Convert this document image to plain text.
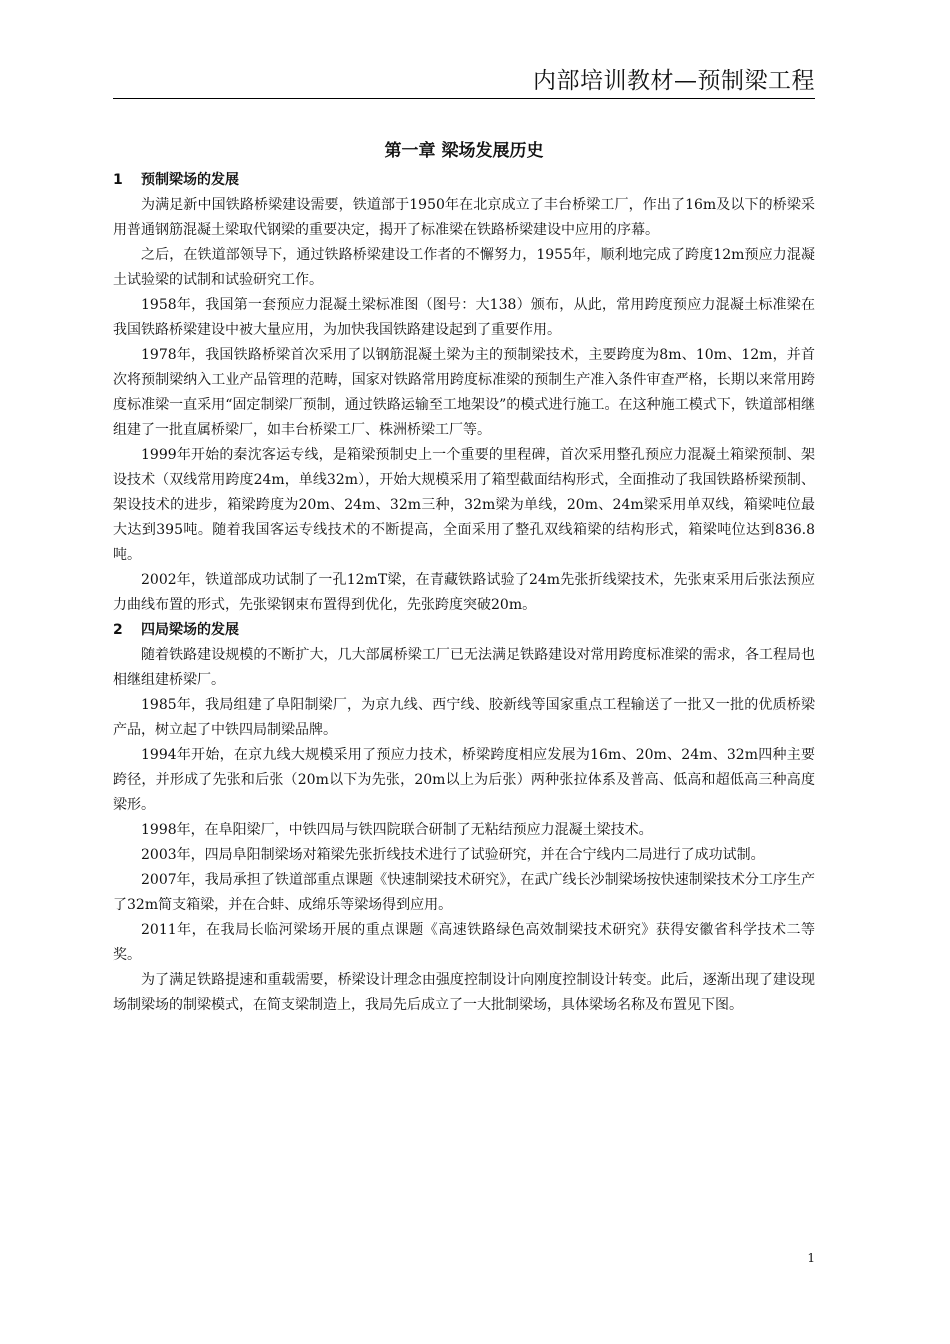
内部培训教材—预制梁工程
第一章 梁场发展历史
1 预制梁场的发展

为满足新中国铁路桥梁建设需要，铁道部于1950年在北京成立了丰台桥梁工厂，作出了16m及以下的桥梁采用普通钢筋混凝土梁取代钢梁的重要决定，揭开了标准梁在铁路桥梁建设中应用的序幕。

之后，在铁道部领导下，通过铁路桥梁建设工作者的不懈努力，1955年，顺利地完成了跨度12m预应力混凝土试验梁的试制和试验研究工作。

1958年，我国第一套预应力混凝土梁标准图（图号：大138）颁布，从此，常用跨度预应力混凝土标准梁在我国铁路桥梁建设中被大量应用，为加快我国铁路建设起到了重要作用。

1978年，我国铁路桥梁首次采用了以钢筋混凝土梁为主的预制梁技术，主要跨度为8m、10m、12m，并首次将预制梁纳入工业产品管理的范畴，国家对铁路常用跨度标准梁的预制生产准入条件审查严格，长期以来常用跨度标准梁一直采用“固定制梁厂预制，通过铁路运输至工地架设”的模式进行施工。在这种施工模式下，铁道部相继组建了一批直属桥梁厂，如丰台桥梁工厂、株洲桥梁工厂等。

1999年开始的秦沈客运专线，是箱梁预制史上一个重要的里程碑，首次采用整孔预应力混凝土箱梁预制、架设技术（双线常用跨度24m，单线32m），开始大规模采用了箱型截面结构形式，全面推动了我国铁路桥梁预制、架设技术的进步，箱梁跨度为20m、24m、32m三种，32m梁为单线，20m、24m梁采用单双线，箱梁吨位最大达到395吨。随着我国客运专线技术的不断提高，全面采用了整孔双线箱梁的结构形式，箱梁吨位达到836.8吨。

2002年，铁道部成功试制了一孔12mT梁，在青藏铁路试验了24m先张折线梁技术，先张束采用后张法预应力曲线布置的形式，先张梁钢束布置得到优化，先张跨度突破20m。

2 四局梁场的发展

随着铁路建设规模的不断扩大，几大部属桥梁工厂已无法满足铁路建设对常用跨度标准梁的需求，各工程局也相继组建桥梁厂。

1985年，我局组建了阜阳制梁厂，为京九线、西宁线、胶新线等国家重点工程输送了一批又一批的优质桥梁产品，树立起了中铁四局制梁品牌。

1994年开始，在京九线大规模采用了预应力技术，桥梁跨度相应发展为16m、20m、24m、32m四种主要跨径，并形成了先张和后张（20m以下为先张，20m以上为后张）两种张拉体系及普高、低高和超低高三种高度梁形。

1998年，在阜阳梁厂，中铁四局与铁四院联合研制了无粘结预应力混凝土梁技术。

2003年，四局阜阳制梁场对箱梁先张折线技术进行了试验研究，并在合宁线内二局进行了成功试制。

2007年，我局承担了铁道部重点课题《快速制梁技术研究》，在武广线长沙制梁场按快速制梁技术分工序生产了32m简支箱梁，并在合蚌、成绵乐等梁场得到应用。

2011年，在我局长临河梁场开展的重点课题《高速铁路绿色高效制梁技术研究》获得安徽省科学技术二等奖。

为了满足铁路提速和重载需要，桥梁设计理念由强度控制设计向刚度控制设计转变。此后，逐渐出现了建设现场制梁场的制梁模式，在简支梁制造上，我局先后成立了一大批制梁场，具体梁场名称及布置见下图。

1
